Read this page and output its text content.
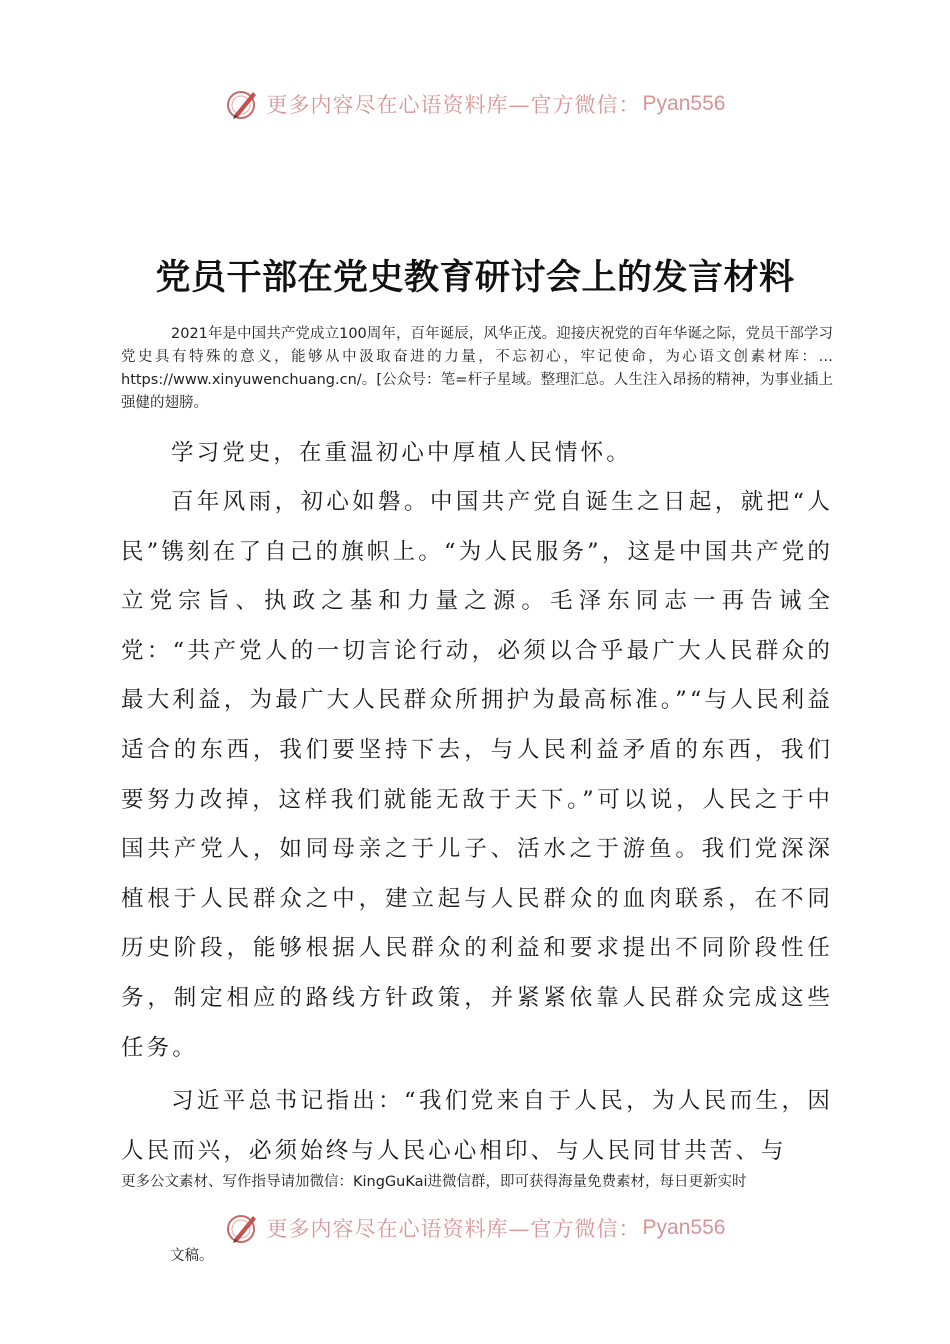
更多内容尽在心语资料库—官方微信： Pyan556
党员干部在党史教育研讨会上的发言材料

2021年是中国共产党成立100周年，百年诞辰，风华正茂。迎接庆祝党的百年华诞之际，党员干部学习党史具有特殊的意义，能够从中汲取奋进的力量，不忘初心，牢记使命，为心语文创素材库：…https://www.xinyuwenchuang.cn/。[公众号：笔=杆子星域。整理汇总。人生注入昂扬的精神，为事业插上强健的翅膀。

学习党史，在重温初心中厚植人民情怀。

百年风雨，初心如磐。中国共产党自诞生之日起，就把“人民”镌刻在了自己的旗帜上。“为人民服务”，这是中国共产党的立党宗旨、执政之基和力量之源。毛泽东同志一再告诫全党：“共产党人的一切言论行动，必须以合乎最广大人民群众的最大利益，为最广大人民群众所拥护为最高标准。”“与人民利益适合的东西，我们要坚持下去，与人民利益矛盾的东西，我们要努力改掉，这样我们就能无敌于天下。”可以说，人民之于中国共产党人，如同母亲之于儿子、活水之于游鱼。我们党深深植根于人民群众之中，建立起与人民群众的血肉联系，在不同历史阶段，能够根据人民群众的利益和要求提出不同阶段性任务，制定相应的路线方针政策，并紧紧依靠人民群众完成这些任务。

习近平总书记指出：“我们党来自于人民，为人民而生，因人民而兴，必须始终与人民心心相印、与人民同甘共苦、与

更多公文素材、写作指导请加微信：KingGuKai进微信群，即可获得海量免费素材，每日更新实时

更多内容尽在心语资料库—官方微信： Pyan556

文稿。
